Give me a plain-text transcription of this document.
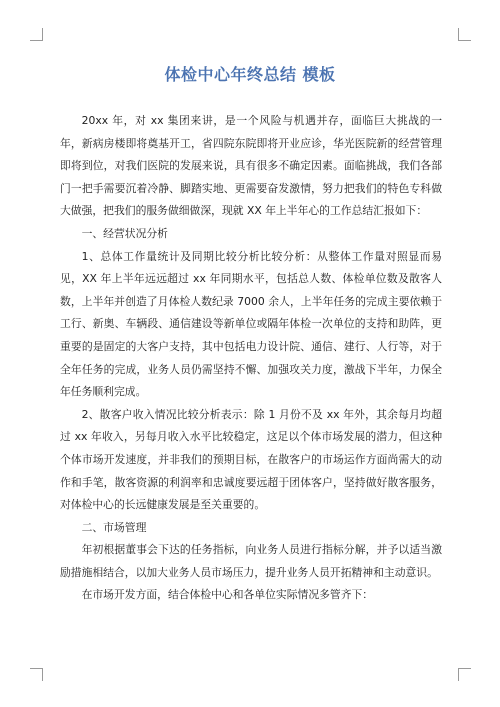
体检中心年终总结 模板

20xx 年，对 xx 集团来讲，是一个风险与机遇并存，面临巨大挑战的一年，新病房楼即将奠基开工，省四院东院即将开业应诊，华光医院新的经营管理即将到位，对我们医院的发展来说，具有很多不确定因素。面临挑战，我们各部门一把手需要沉着冷静、脚踏实地、更需要奋发激情，努力把我们的特色专科做大做强，把我们的服务做细做深，现就 XX 年上半年心的工作总结汇报如下：

一、经营状况分析

1、总体工作量统计及同期比较分析比较分析：从整体工作量对照显而易见，XX 年上半年远远超过 xx 年同期水平，包括总人数、体检单位数及散客人数，上半年并创造了月体检人数纪录 7000 余人，上半年任务的完成主要依赖于工行、新奥、车辆段、通信建设等新单位或隔年体检一次单位的支持和助阵，更重要的是固定的大客户支持，其中包括电力设计院、通信、建行、人行等，对于全年任务的完成，业务人员仍需坚持不懈、加强攻关力度，激战下半年，力保全年任务顺利完成。

2、散客户收入情况比较分析表示：除 1 月份不及 xx 年外，其余每月均超过 xx 年收入，另每月收入水平比较稳定，这足以个体市场发展的潜力，但这种个体市场开发速度，并非我们的预期目标，在散客户的市场运作方面尚需大的动作和手笔，散客资源的利润率和忠诚度要远超于团体客户，坚持做好散客服务，对体检中心的长远健康发展是至关重要的。

二、市场管理

年初根据董事会下达的任务指标，向业务人员进行指标分解，并予以适当激励措施相结合，以加大业务人员市场压力，提升业务人员开拓精神和主动意识。

在市场开发方面，结合体检中心和各单位实际情况多管齐下：
